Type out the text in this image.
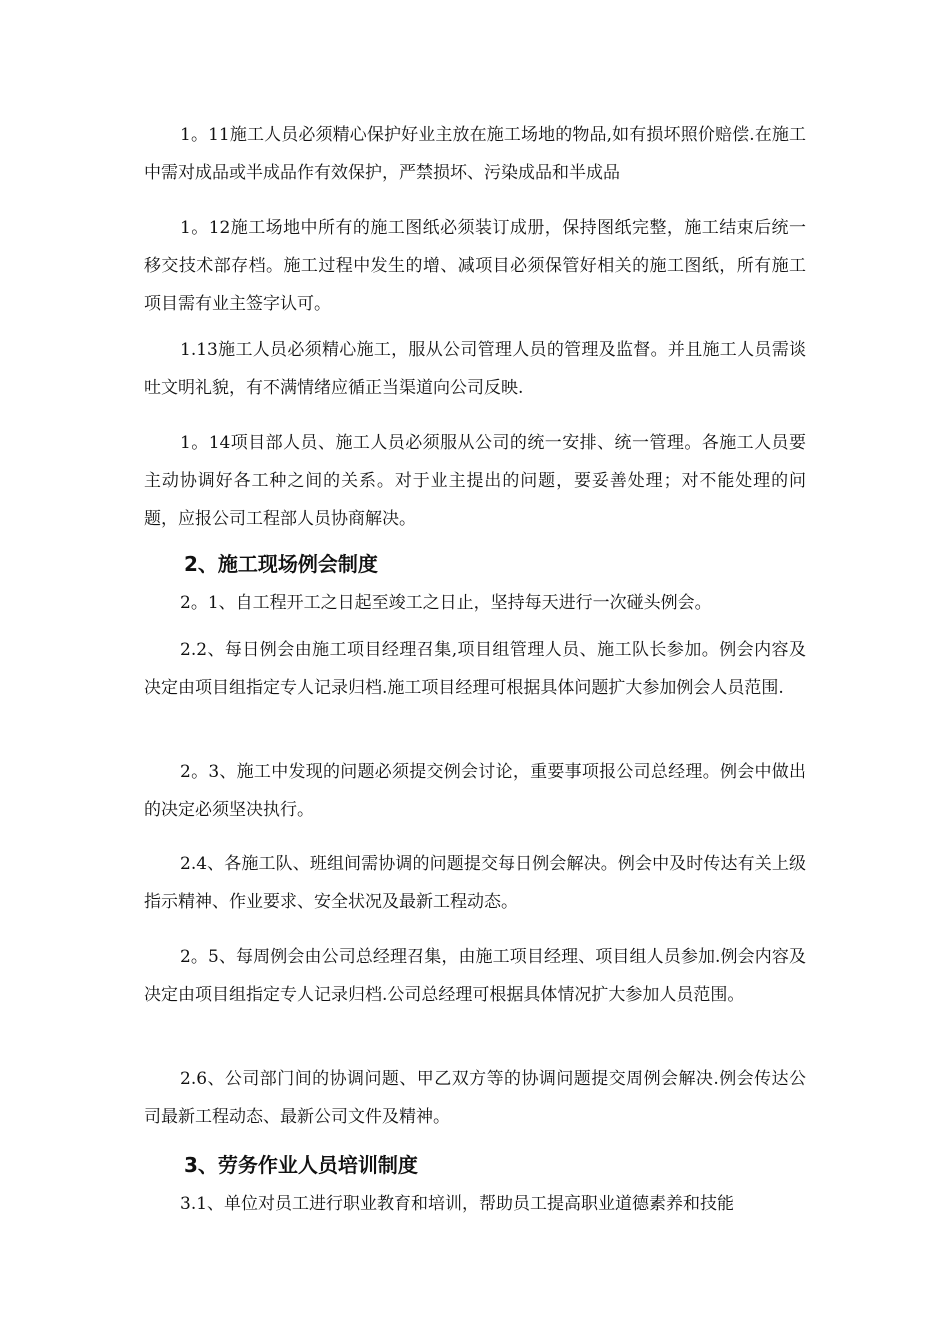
1。11施工人员必须精心保护好业主放在施工场地的物品,如有损坏照价赔偿.在施工中需对成品或半成品作有效保护，严禁损坏、污染成品和半成品

1。12施工场地中所有的施工图纸必须装订成册，保持图纸完整，施工结束后统一移交技术部存档。施工过程中发生的增、减项目必须保管好相关的施工图纸，所有施工项目需有业主签字认可。

1.13施工人员必须精心施工，服从公司管理人员的管理及监督。并且施工人员需谈吐文明礼貌，有不满情绪应循正当渠道向公司反映.

1。14项目部人员、施工人员必须服从公司的统一安排、统一管理。各施工人员要主动协调好各工种之间的关系。对于业主提出的问题，要妥善处理；对不能处理的问题，应报公司工程部人员协商解决。

2、施工现场例会制度

2。1、自工程开工之日起至竣工之日止，坚持每天进行一次碰头例会。

2.2、每日例会由施工项目经理召集,项目组管理人员、施工队长参加。例会内容及决定由项目组指定专人记录归档.施工项目经理可根据具体问题扩大参加例会人员范围.

2。3、施工中发现的问题必须提交例会讨论，重要事项报公司总经理。例会中做出的决定必须坚决执行。

2.4、各施工队、班组间需协调的问题提交每日例会解决。例会中及时传达有关上级指示精神、作业要求、安全状况及最新工程动态。

2。5、每周例会由公司总经理召集，由施工项目经理、项目组人员参加.例会内容及决定由项目组指定专人记录归档.公司总经理可根据具体情况扩大参加人员范围。

2.6、公司部门间的协调问题、甲乙双方等的协调问题提交周例会解决.例会传达公司最新工程动态、最新公司文件及精神。

3、劳务作业人员培训制度

3.1、单位对员工进行职业教育和培训，帮助员工提高职业道德素养和技能
